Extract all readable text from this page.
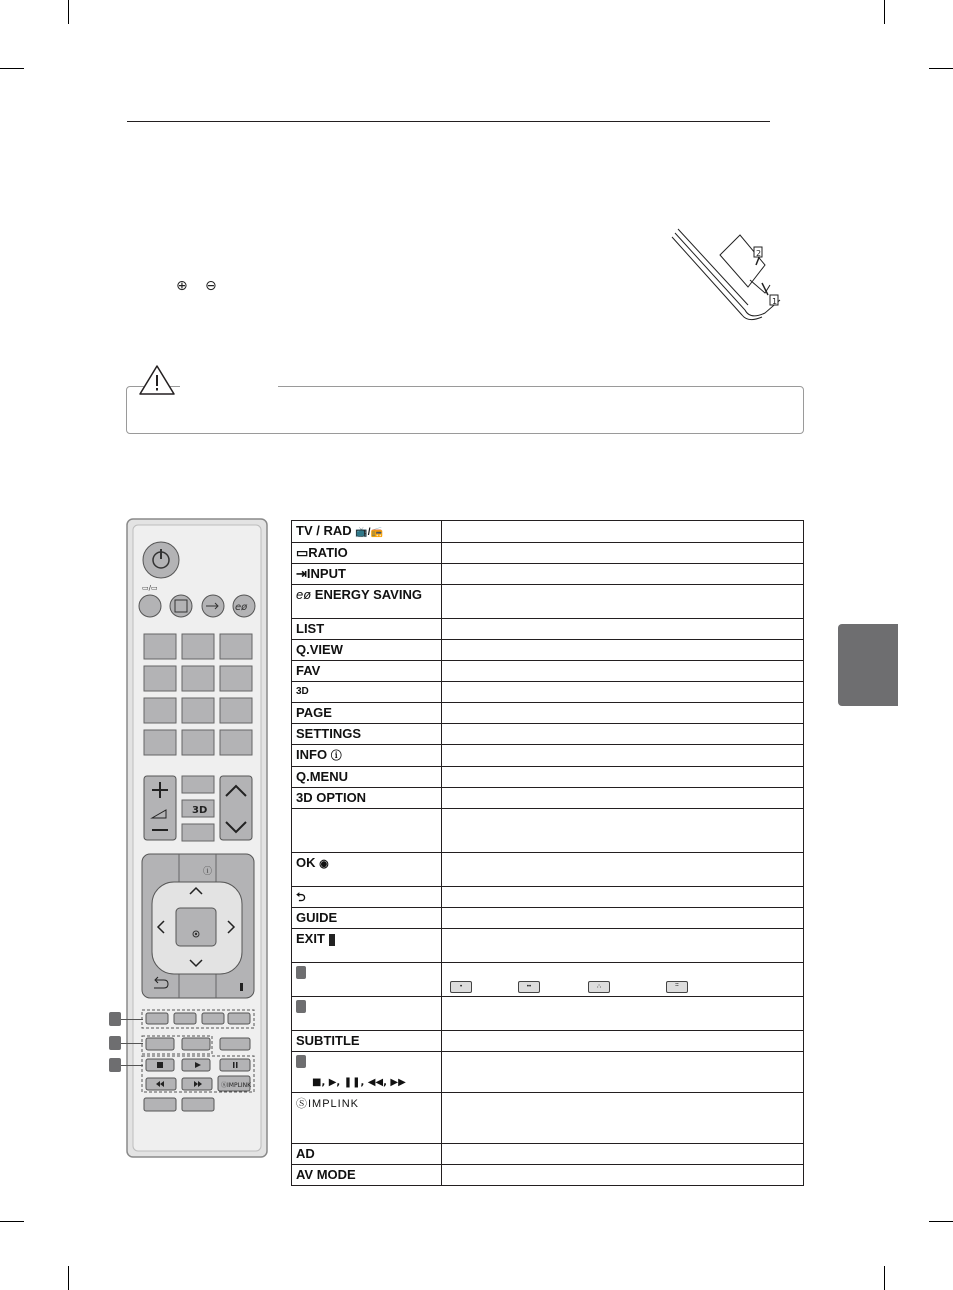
⊕ ⊖
2
1
▭/▭
eø
3D
ⓘ
ⓈIMPLINK
TV / RAD 📺/📻	
▭RATIO	
⇥INPUT	
eø ENERGY SAVING	
LIST	
Q.VIEW	
FAV	
3D	
PAGE	
SETTINGS	
INFO ⓘ	
Q.MENU	
3D OPTION	

OK ◉	
⮌	
GUIDE	
EXIT	

	• •• ∴ ⠛

SUBTITLE	

■, ▶, ❚❚, ◀◀, ▶▶	
ⓈIMPLINK	
AD	
AV MODE	
